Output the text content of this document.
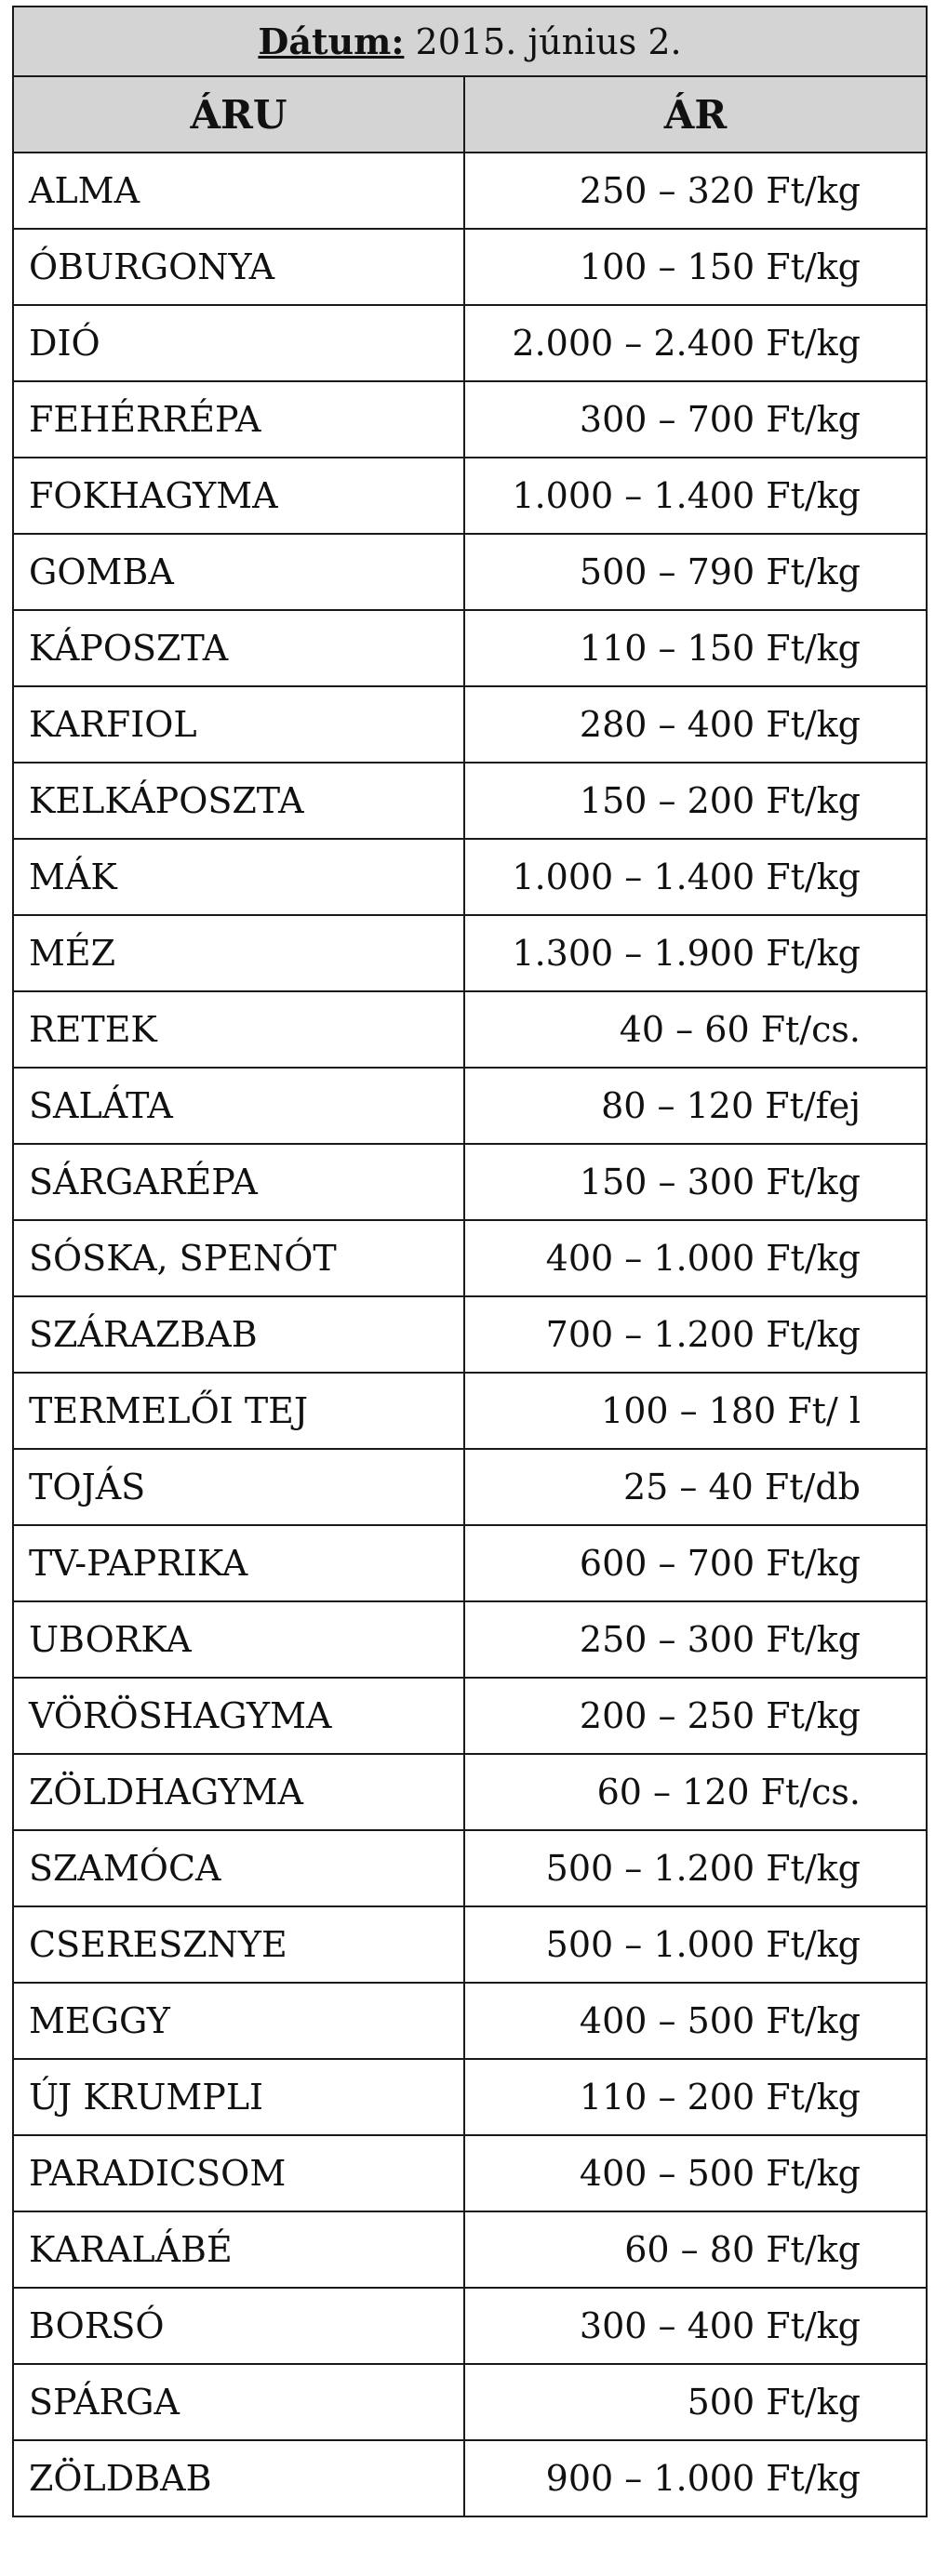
Dátum: 2015. június 2.	
ÁRU	ÁR
ALMA	250 – 320 Ft/kg
ÓBURGONYA	100 – 150 Ft/kg
DIÓ	2.000 – 2.400 Ft/kg
FEHÉRRÉPA	300 – 700 Ft/kg
FOKHAGYMA	1.000 – 1.400 Ft/kg
GOMBA	500 – 790 Ft/kg
KÁPOSZTA	110 – 150 Ft/kg
KARFIOL	280 – 400 Ft/kg
KELKÁPOSZTA	150 – 200 Ft/kg
MÁK	1.000 – 1.400 Ft/kg
MÉZ	1.300 – 1.900 Ft/kg
RETEK	40 – 60 Ft/cs.
SALÁTA	80 – 120 Ft/fej
SÁRGARÉPA	150 – 300 Ft/kg
SÓSKA, SPENÓT	400 – 1.000 Ft/kg
SZÁRAZBAB	700 – 1.200 Ft/kg
TERMELŐI TEJ	100 – 180 Ft/ l
TOJÁS	25 – 40 Ft/db
TV-PAPRIKA	600 – 700 Ft/kg
UBORKA	250 – 300 Ft/kg
VÖRÖSHAGYMA	200 – 250 Ft/kg
ZÖLDHAGYMA	60 – 120 Ft/cs.
SZAMÓCA	500 – 1.200 Ft/kg
CSERESZNYE	500 – 1.000 Ft/kg
MEGGY	400 – 500 Ft/kg
ÚJ KRUMPLI	110 – 200 Ft/kg
PARADICSOM	400 – 500 Ft/kg
KARALÁBÉ	60 – 80 Ft/kg
BORSÓ	300 – 400 Ft/kg
SPÁRGA	500 Ft/kg
ZÖLDBAB	900 – 1.000 Ft/kg
